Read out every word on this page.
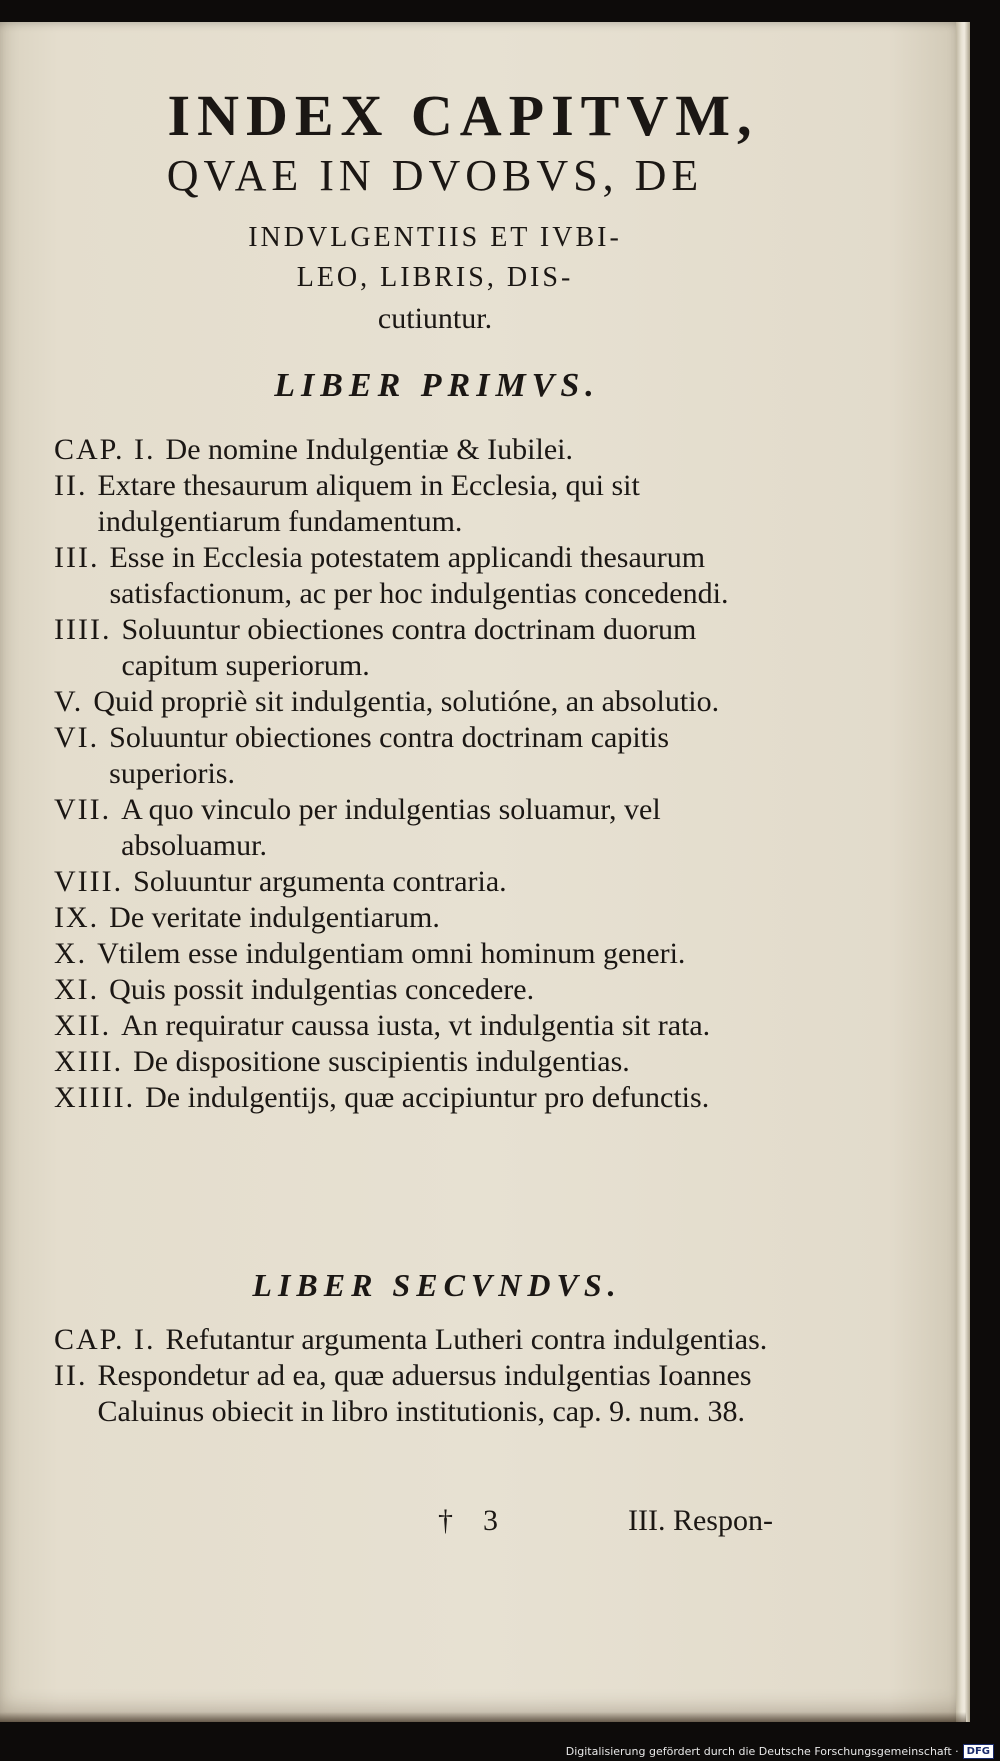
INDEX CAPITVM,
QVAE IN DVOBVS, DE
INDVLGENTIIS ET IVBI-
LEO, LIBRIS, DIS-
cutiuntur.
LIBER PRIMVS.
CAP. I. De nomine Indulgentiæ & Iubilei.
II. Extare thesaurum aliquem in Ecclesia, qui sit indulgentiarum fundamentum.
III. Esse in Ecclesia potestatem applicandi thesaurum satisfactionum, ac per hoc indulgentias concedendi.
IIII. Soluuntur obiectiones contra doctrinam duorum capitum superiorum.
V. Quid propriè sit indulgentia, solutióne, an absolutio.
VI. Soluuntur obiectiones contra doctrinam capitis superioris.
VII. A quo vinculo per indulgentias soluamur, vel absoluamur.
VIII. Soluuntur argumenta contraria.
IX. De veritate indulgentiarum.
X. Vtilem esse indulgentiam omni hominum generi.
XI. Quis possit indulgentias concedere.
XII. An requiratur caussa iusta, vt indulgentia sit rata.
XIII. De dispositione suscipientis indulgentias.
XIIII. De indulgentijs, quæ accipiuntur pro defunctis.
LIBER SECVNDVS.
CAP. I. Refutantur argumenta Lutheri contra indulgentias.
II. Respondetur ad ea, quæ aduersus indulgentias Ioannes Caluinus obiecit in libro institutionis, cap. 9. num. 38.
† 3	III. Respon-
Digitalisierung gefördert durch die Deutsche Forschungsgemeinschaft · DFG
